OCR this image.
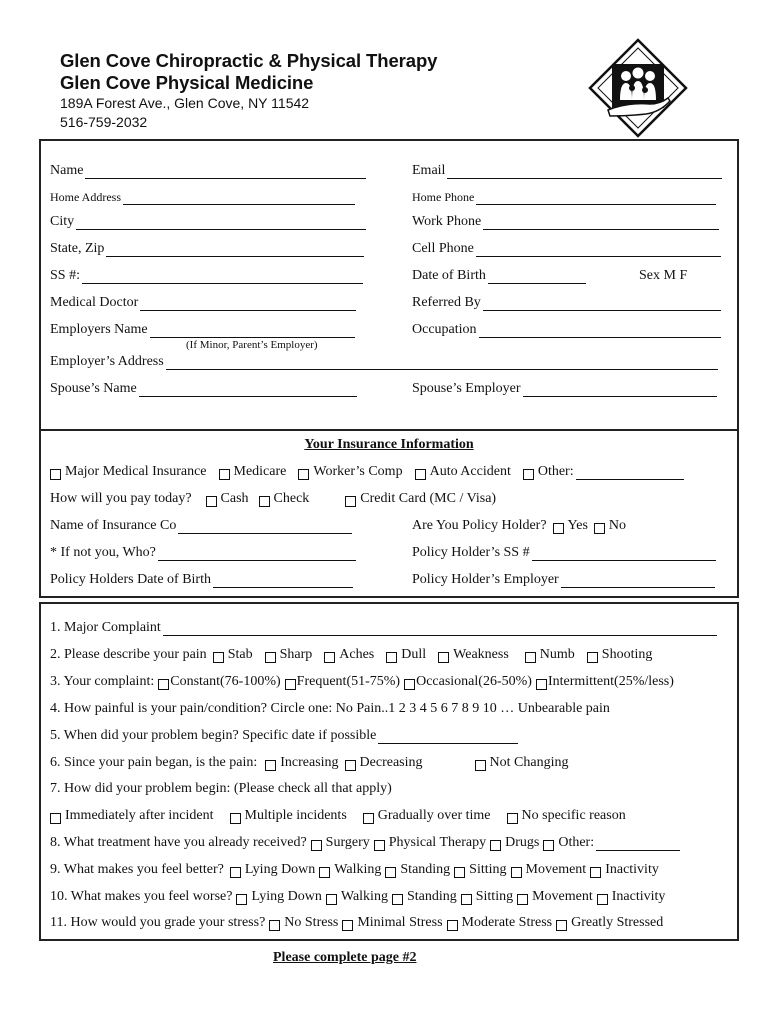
Glen Cove Chiropractic & Physical Therapy
Glen Cove Physical Medicine
189A Forest Ave., Glen Cove, NY 11542
516-759-2032
Name	Email
Home Address	Home Phone
City	Work Phone
State, Zip	Cell Phone
SS #:	Date of Birth	Sex M F
Medical Doctor	Referred By
Employers Name	Occupation
(If Minor, Parent’s Employer)
Employer’s Address
Spouse’s Name	Spouse’s Employer
Your Insurance Information
Major Medical Insurance Medicare Worker’s Comp Auto Accident Other:
How will you pay today? Cash Check	Credit Card (MC / Visa)
Name of Insurance Co	Are You Policy Holder? Yes No
* If not you, Who?	Policy Holder’s SS #
Policy Holders Date of Birth	Policy Holder’s Employer
1. Major Complaint
2. Please describe your pain Stab Sharp Aches Dull Weakness Numb Shooting
3. Your complaint: Constant(76-100%) Frequent(51-75%) Occasional(26-50%) Intermittent(25%/less)
4. How painful is your pain/condition? Circle one: No Pain..1 2 3 4 5 6 7 8 9 10 … Unbearable pain
5. When did your problem begin? Specific date if possible
6. Since your pain began, is the pain: Increasing Decreasing	Not Changing
7. How did your problem begin: (Please check all that apply)
Immediately after incident Multiple incidents Gradually over time No specific reason
8. What treatment have you already received? Surgery Physical Therapy Drugs Other:
9. What makes you feel better? Lying Down Walking Standing Sitting Movement Inactivity
10. What makes you feel worse? Lying Down Walking Standing Sitting Movement Inactivity
11. How would you grade your stress? No Stress Minimal Stress Moderate Stress Greatly Stressed
Please complete page #2
